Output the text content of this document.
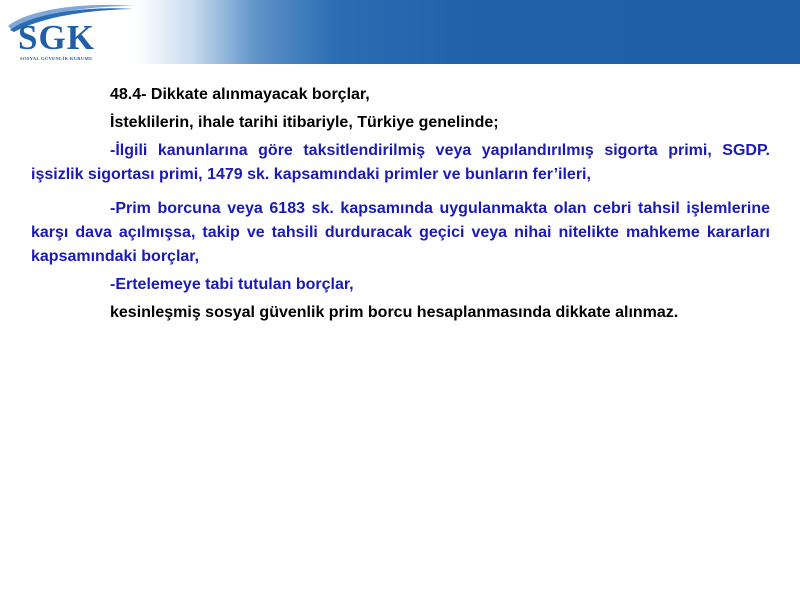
SGK
SOSYAL GÜVENLİK KURUMU

48.4- Dikkate alınmayacak borçlar,

İsteklilerin, ihale tarihi itibariyle, Türkiye genelinde;

-İlgili kanunlarına göre taksitlendirilmiş veya yapılandırılmış sigorta primi, SGDP. işsizlik sigortası primi, 1479 sk. kapsamındaki primler ve bunların fer’ileri,

-Prim borcuna veya 6183 sk. kapsamında uygulanmakta olan cebri tahsil işlemlerine karşı dava açılmışsa, takip ve tahsili durduracak geçici veya nihai nitelikte mahkeme kararları kapsamındaki borçlar,

-Ertelemeye tabi tutulan borçlar,

kesinleşmiş sosyal güvenlik prim borcu hesaplanmasında dikkate alınmaz.
